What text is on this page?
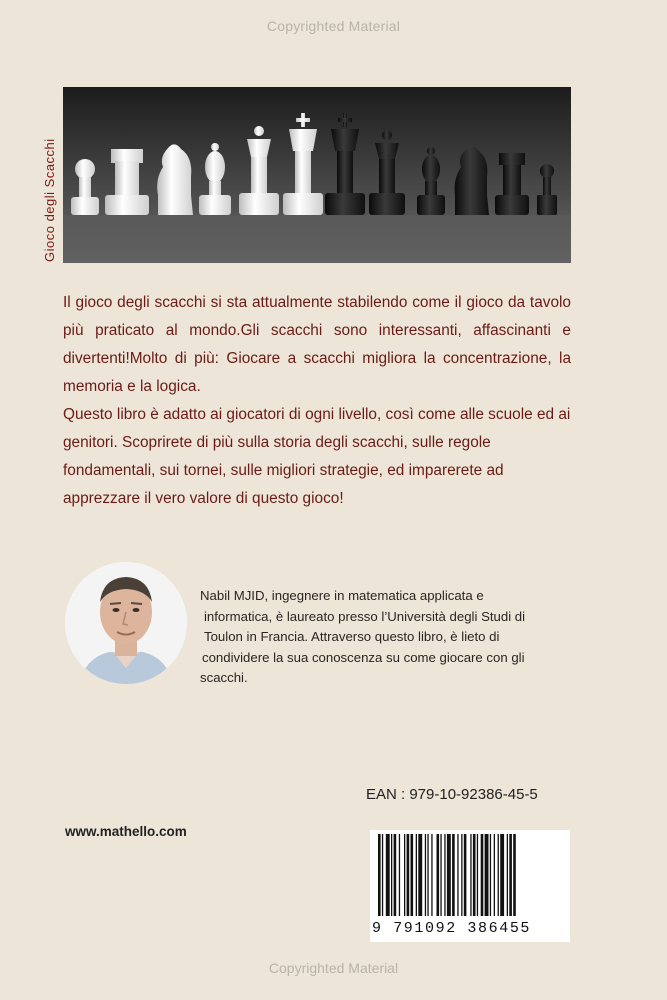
Copyrighted Material
Gioco degli Scacchi

Il gioco degli scacchi si sta attualmente stabilendo come il gioco da tavolo più praticato al mondo.Gli scacchi sono interessanti, affascinanti e divertenti!Molto di più: Giocare a scacchi migliora la concentrazione, la memoria e la logica.

Questo libro è adatto ai giocatori di ogni livello, così come alle scuole ed ai genitori. Scoprirete di più sulla storia degli scacchi, sulle regole fondamentali, sui tornei, sulle migliori strategie, ed imparerete ad apprezzare il vero valore di questo gioco!

Nabil MJID, ingegnere in matematica applicata e
informatica, è laureato presso l’Università degli Studi di
Toulon in Francia. Attraverso questo libro, è lieto di
condividere la sua conoscenza su come giocare con gli
scacchi.
EAN : 979-10-92386-45-5
www.mathello.com
9 791092 386455
Copyrighted Material
